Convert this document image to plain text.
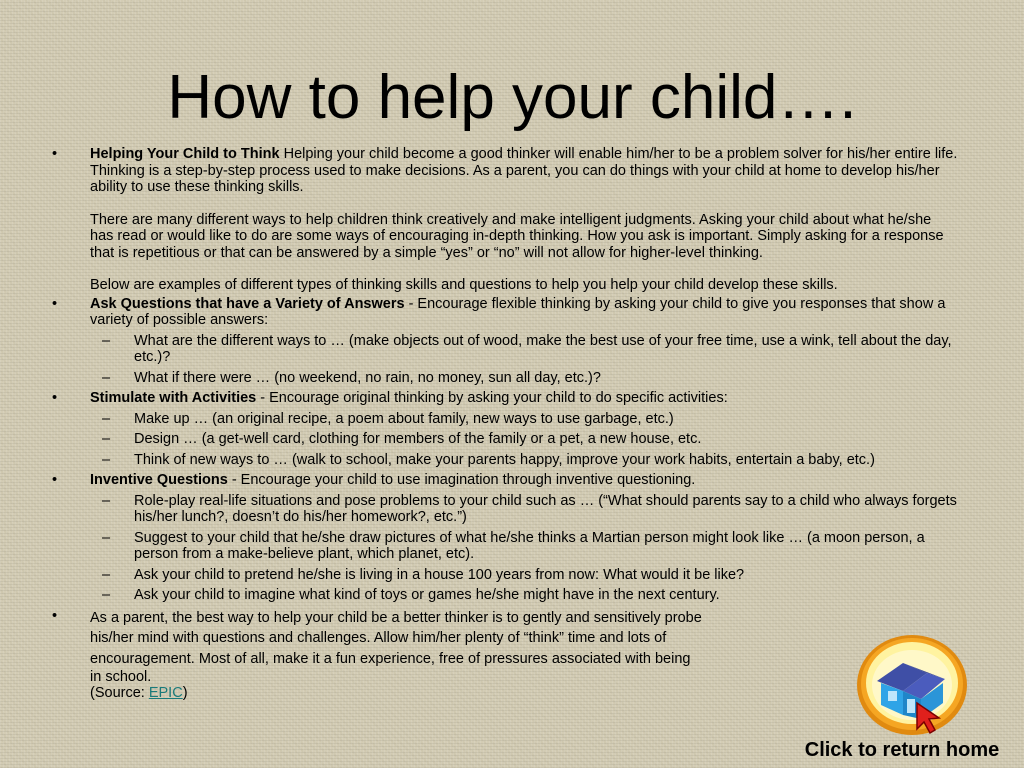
How to help your child….
• Helping Your Child to Think Helping your child become a good thinker will enable him/her to be a problem solver for his/her entire life. Thinking is a step-by-step process used to make decisions. As a parent, you can do things with your child at home to develop his/her ability to use these thinking skills.

There are many different ways to help children think creatively and make intelligent judgments. Asking your child about what he/she has read or would like to do are some ways of encouraging in-depth thinking. How you ask is important. Simply asking for a response that is repetitious or that can be answered by a simple “yes” or “no” will not allow for higher-level thinking.

Below are examples of different types of thinking skills and questions to help you help your child develop these skills.

• Ask Questions that have a Variety of Answers - Encourage flexible thinking by asking your child to give you responses that show a variety of possible answers:

– What are the different ways to … (make objects out of wood, make the best use of your free time, use a wink, tell about the day, etc.)?
– What if there were … (no weekend, no rain, no money, sun all day, etc.)?
• Stimulate with Activities - Encourage original thinking by asking your child to do specific activities:

– Make up … (an original recipe, a poem about family, new ways to use garbage, etc.)
– Design … (a get-well card, clothing for members of the family or a pet, a new house, etc.
– Think of new ways to … (walk to school, make your parents happy, improve your work habits, entertain a baby, etc.)
• Inventive Questions - Encourage your child to use imagination through inventive questioning.

– Role-play real-life situations and pose problems to your child such as … (“What should parents say to a child who always forgets his/her lunch?, doesn’t do his/her homework?, etc.”)
– Suggest to your child that he/she draw pictures of what he/she thinks a Martian person might look like … (a moon person, a person from a make-believe plant, which planet, etc).
– Ask your child to pretend he/she is living in a house 100 years from now: What would it be like?
– Ask your child to imagine what kind of toys or games he/she might have in the next century.
• As a parent, the best way to help your child be a better thinker is to gently and sensitively probe
his/her mind with questions and challenges. Allow him/her plenty of “think” time and lots of
encouragement. Most of all, make it a fun experience, free of pressures associated with being
in school.
(Source: EPIC)
Click to return home
